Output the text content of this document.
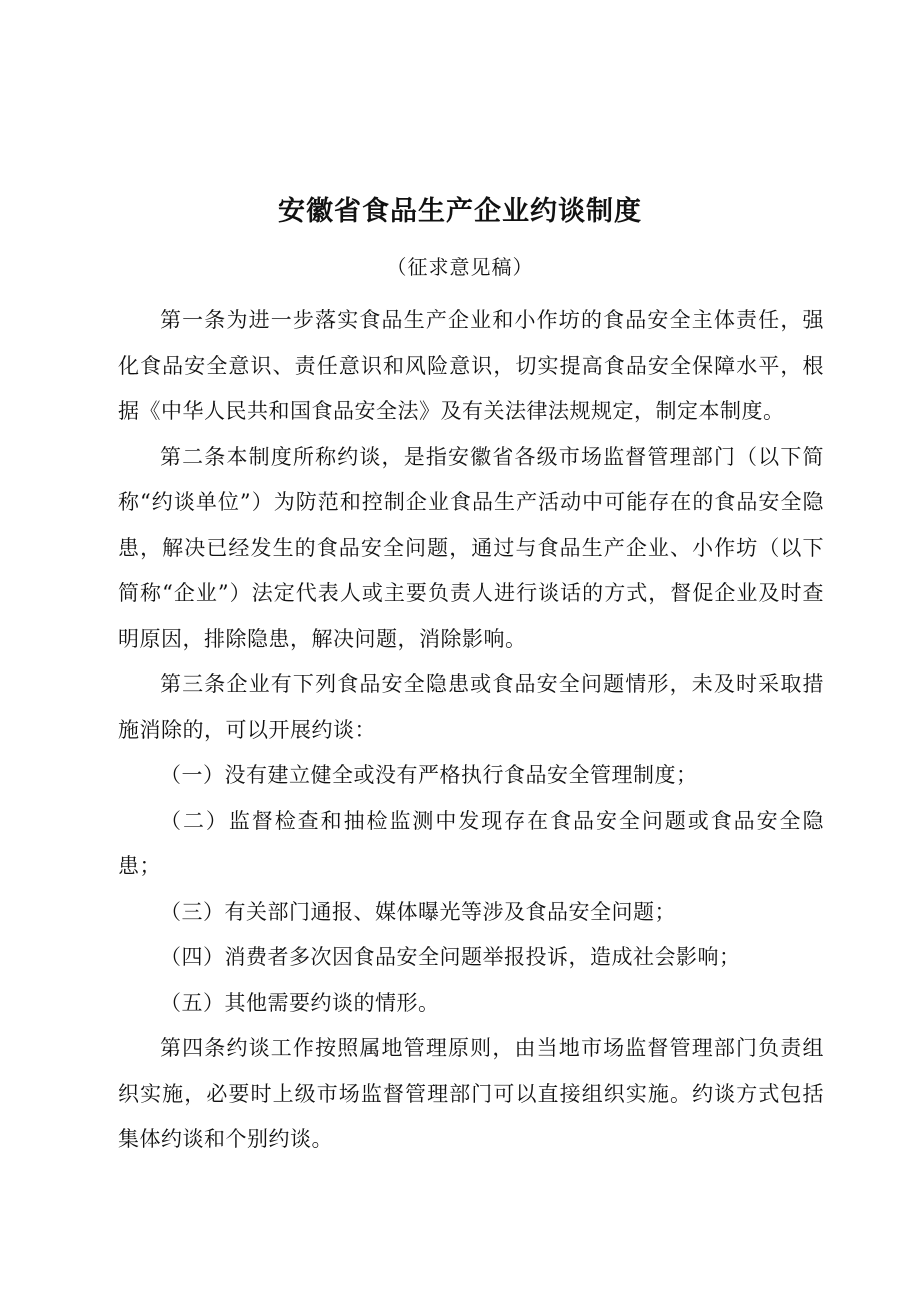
安徽省食品生产企业约谈制度
（征求意见稿）

第一条为进一步落实食品生产企业和小作坊的食品安全主体责任，强化食品安全意识、责任意识和风险意识，切实提高食品安全保障水平，根据《中华人民共和国食品安全法》及有关法律法规规定，制定本制度。

第二条本制度所称约谈，是指安徽省各级市场监督管理部门（以下简称“约谈单位”）为防范和控制企业食品生产活动中可能存在的食品安全隐患，解决已经发生的食品安全问题，通过与食品生产企业、小作坊（以下简称“企业”）法定代表人或主要负责人进行谈话的方式，督促企业及时查明原因，排除隐患，解决问题，消除影响。

第三条企业有下列食品安全隐患或食品安全问题情形，未及时采取措施消除的，可以开展约谈：

（一）没有建立健全或没有严格执行食品安全管理制度；

（二）监督检查和抽检监测中发现存在食品安全问题或食品安全隐患；

（三）有关部门通报、媒体曝光等涉及食品安全问题；

（四）消费者多次因食品安全问题举报投诉，造成社会影响；

（五）其他需要约谈的情形。

第四条约谈工作按照属地管理原则，由当地市场监督管理部门负责组织实施，必要时上级市场监督管理部门可以直接组织实施。约谈方式包括集体约谈和个别约谈。
